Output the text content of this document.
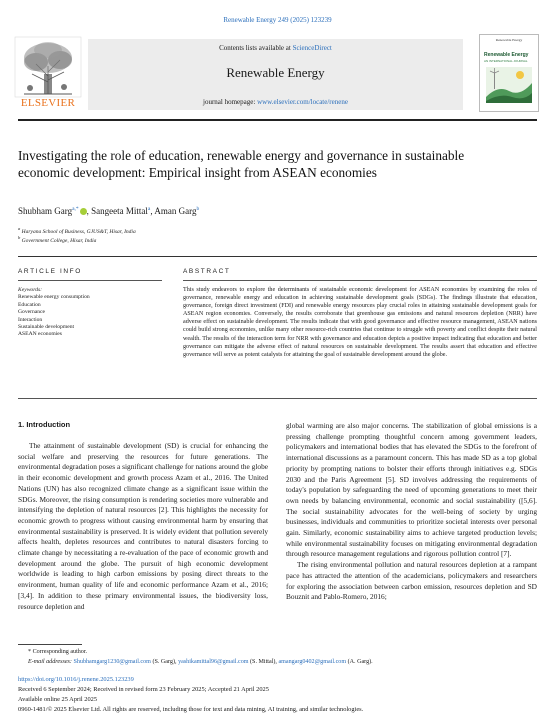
Renewable Energy 249 (2025) 123239
Contents lists available at ScienceDirect
Renewable Energy
journal homepage: www.elsevier.com/locate/renene
ELSEVIER
Renewable Energy
Renewable Energy
AN INTERNATIONAL JOURNAL
Investigating the role of education, renewable energy and governance in sustainable economic development: Empirical insight from ASEAN economies
Shubham Garg$^{a,*}$ , Sangeeta Mittal$^a$, Aman Garg$^b$
$^a$ Haryana School of Business, GJUS&T, Hisar, India
$^b$ Government College, Hisar, India
ARTICLE INFO
Keywords:
Renewable energy consumption
Education
Governance
Interaction
Sustainable development
ASEAN economies
ABSTRACT
This study endeavors to explore the determinants of sustainable economic development for ASEAN economies by examining the roles of governance, renewable energy and education in achieving sustainable development goals (SDGs). The findings illustrate that education, governance, foreign direct investment (FDI) and renewable energy resources play crucial roles in attaining sustainable development goals for ASEAN region economies. Conversely, the results corroborate that greenhouse gas emissions and natural resources depletion (NRR) have adverse effect on sustainable development. The results indicate that with good governance and effective resource management, ASEAN nations could build strong economies, unlike many other resource-rich countries that continue to struggle with poverty and conflict despite their natural wealth. The results of the interaction term for NRR with governance and education depicts a positive impact indicating that education and better governance can mitigate the adverse effect of natural resources on sustainable development. The results assert that education and effective governance will serve as potent catalysts for attaining the goal of sustainable development around the globe.
1. Introduction
The attainment of sustainable development (SD) is crucial for enhancing the social welfare and preserving the resources for future generations. The environmental degradation poses a significant challenge for nations around the globe in their economic development and growth process Azam et al., 2016. The United Nations (UN) has also recognized climate change as a significant issue within the SDGs. Moreover, the rising consumption is rendering societies more vulnerable and intensifying the depletion of natural resources [2]. This highlights the necessity for economic growth to progress without causing environmental harm by ensuring that environmental sustainability is preserved. It is widely evident that pollution severely affects health, depletes resources and contributes to natural disasters forcing to climate change by necessitating a re-evaluation of the pace of economic growth and development around the globe. The pursuit of high economic development worldwide is leading to high carbon emissions by posing direct threats to the environment, human quality of life and economic performance Azam et al., 2016; [3,4]. In addition to these primary environmental issues, the biodiversity loss, resource depletion and

global warming are also major concerns. The stabilization of global emissions is a pressing challenge prompting thoughtful concern among government leaders, policymakers and international bodies that has elevated the SDGs to the forefront of international discussions as a paramount concern. This has made SD as a top global priority by prompting nations to bolster their efforts through initiatives e.g. SDGs 2030 and the Paris Agreement [5]. SD involves addressing the requirements of today's population by safeguarding the need of upcoming generations to meet their own needs by balancing environmental, economic and social sustainability ([5,6]. The social sustainability advocates for the well-being of society by urging businesses, individuals and communities to prioritize societal interests over personal gain. Similarly, economic sustainability aims to achieve targeted production levels; while environmental sustainability focuses on mitigating environmental degradation through resource management regulations and rigorous pollution control [7].

The rising environmental pollution and natural resources depletion at a rampant pace has attracted the attention of the academicians, policymakers and researchers for exploring the association between carbon emission, resources depletion and SD Bouznit and Pablo-Romero, 2016;

* Corresponding author.
E-mail addresses: Shubhamgarg1230@gmail.com (S. Garg), yashikamittal96@gmail.com (S. Mittal), amangarg0402@gmail.com (A. Garg).
https://doi.org/10.1016/j.renene.2025.123239
Received 6 September 2024; Received in revised form 23 February 2025; Accepted 21 April 2025
Available online 25 April 2025
0960-1481/© 2025 Elsevier Ltd. All rights are reserved, including those for text and data mining, AI training, and similar technologies.
